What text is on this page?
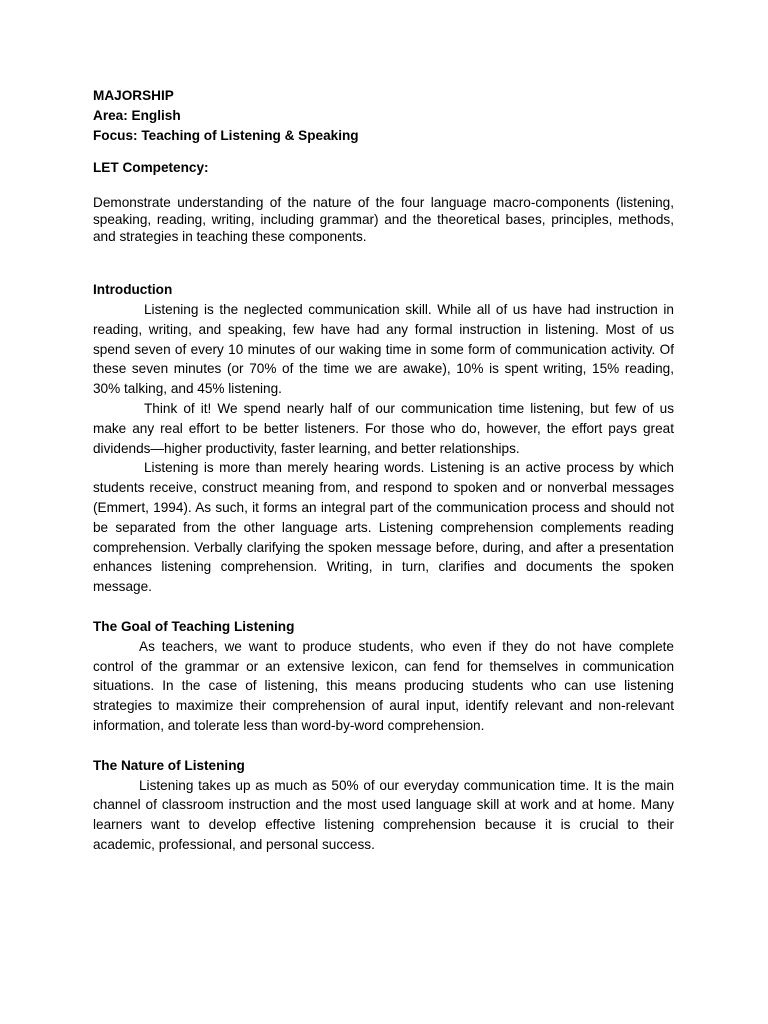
MAJORSHIP
Area: English
Focus: Teaching of Listening & Speaking
LET Competency:
Demonstrate understanding of the nature of the four language macro-components (listening, speaking, reading, writing, including grammar) and the theoretical bases, principles, methods, and strategies in teaching these components.
Introduction

Listening is the neglected communication skill. While all of us have had instruction in reading, writing, and speaking, few have had any formal instruction in listening. Most of us spend seven of every 10 minutes of our waking time in some form of communication activity. Of these seven minutes (or 70% of the time we are awake), 10% is spent writing, 15% reading, 30% talking, and 45% listening.

Think of it! We spend nearly half of our communication time listening, but few of us make any real effort to be better listeners. For those who do, however, the effort pays great dividends—higher productivity, faster learning, and better relationships.

Listening is more than merely hearing words. Listening is an active process by which students receive, construct meaning from, and respond to spoken and or nonverbal messages (Emmert, 1994). As such, it forms an integral part of the communication process and should not be separated from the other language arts. Listening comprehension complements reading comprehension. Verbally clarifying the spoken message before, during, and after a presentation enhances listening comprehension. Writing, in turn, clarifies and documents the spoken message.

The Goal of Teaching Listening

As teachers, we want to produce students, who even if they do not have complete control of the grammar or an extensive lexicon, can fend for themselves in communication situations. In the case of listening, this means producing students who can use listening strategies to maximize their comprehension of aural input, identify relevant and non-relevant information, and tolerate less than word-by-word comprehension.

The Nature of Listening

Listening takes up as much as 50% of our everyday communication time. It is the main channel of classroom instruction and the most used language skill at work and at home. Many learners want to develop effective listening comprehension because it is crucial to their academic, professional, and personal success.
